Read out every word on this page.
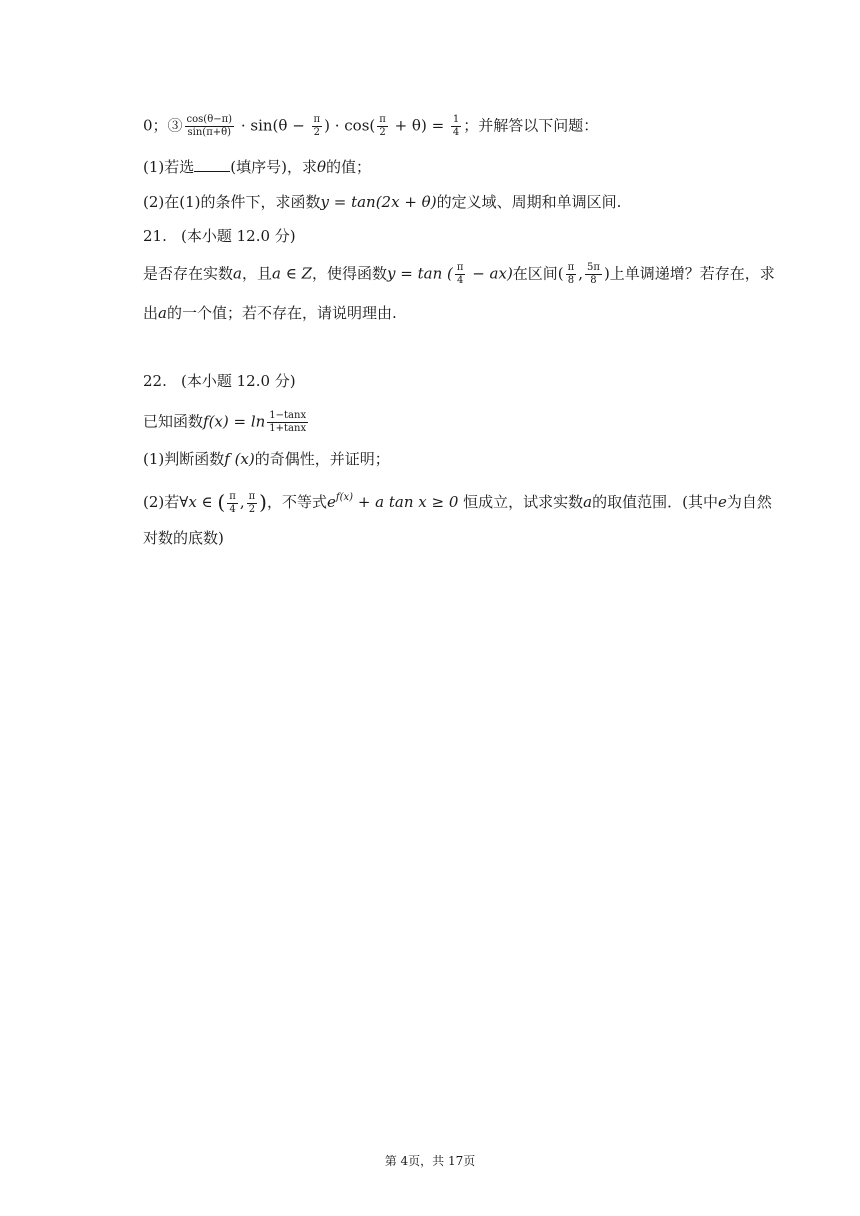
0；③ $\frac{\cos(\theta-\pi)}{\sin(\pi+\theta)} \cdot \sin(\theta - \frac{\pi}{2}$ ) · $\cos( \frac{\pi}{2} + \theta) = \frac{1}{4}$ ；并解答以下问题：
(1)若选 (填序号)，求θ的值；
(2)在(1)的条件下，求函数y = tan(2x + θ)的定义域、周期和单调区间.
21. (本小题 12.0 分)
是否存在实数a，且a ∈ Z，使得函数y = tan ( $\frac{\pi}{4} - ax$)在区间( $\frac{\pi}{8}$ , $\frac{5\pi}{8}$ )上单调递增？若存在，求
出a的一个值；若不存在，请说明理由.
22. (本小题 12.0 分)
已知函数$f(x) = \ln \frac{1-\tan x}{1+\tan x}$
(1)判断函数f (x)的奇偶性，并证明；
(2)若∀x ∈ ( $\frac{\pi}{4}$ , $\frac{\pi}{2}$ )，不等式$e^{f(x)} + a$ tan x ≥ 0 恒成立，试求实数a的取值范围．(其中e为自然
对数的底数)
第 4页，共 17页
